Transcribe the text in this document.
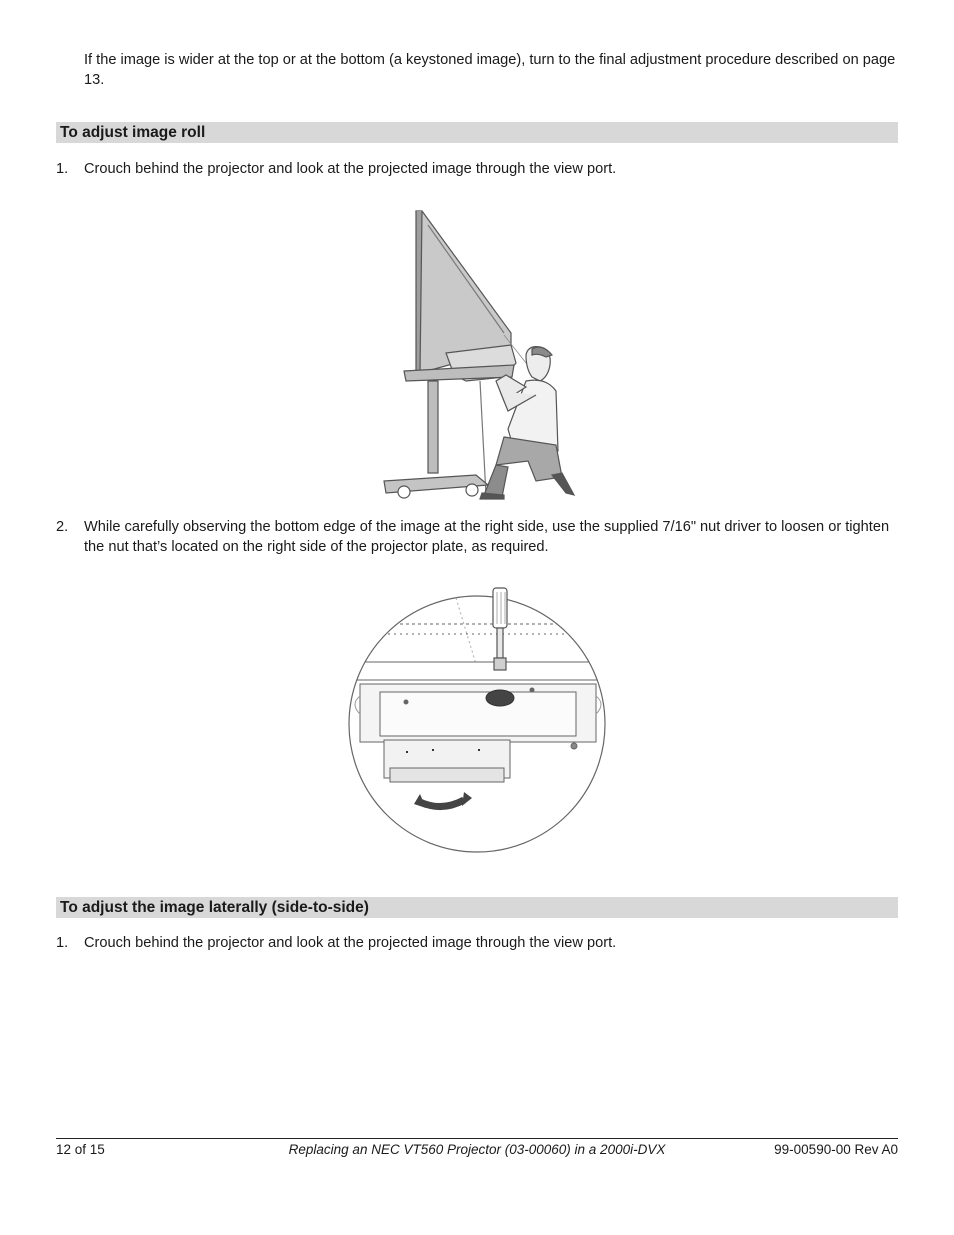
If the image is wider at the top or at the bottom (a keystoned image), turn to the final adjustment procedure described on page 13.
To adjust image roll
1.	Crouch behind the projector and look at the projected image through the view port.
2.	While carefully observing the bottom edge of the image at the right side, use the supplied 7/16" nut driver to loosen or tighten the nut that’s located on the right side of the projector plate, as required.
To adjust the image laterally (side-to-side)
1.	Crouch behind the projector and look at the projected image through the view port.
12 of 15	Replacing an NEC VT560 Projector (03-00060) in a 2000i-DVX	99-00590-00 Rev A0
